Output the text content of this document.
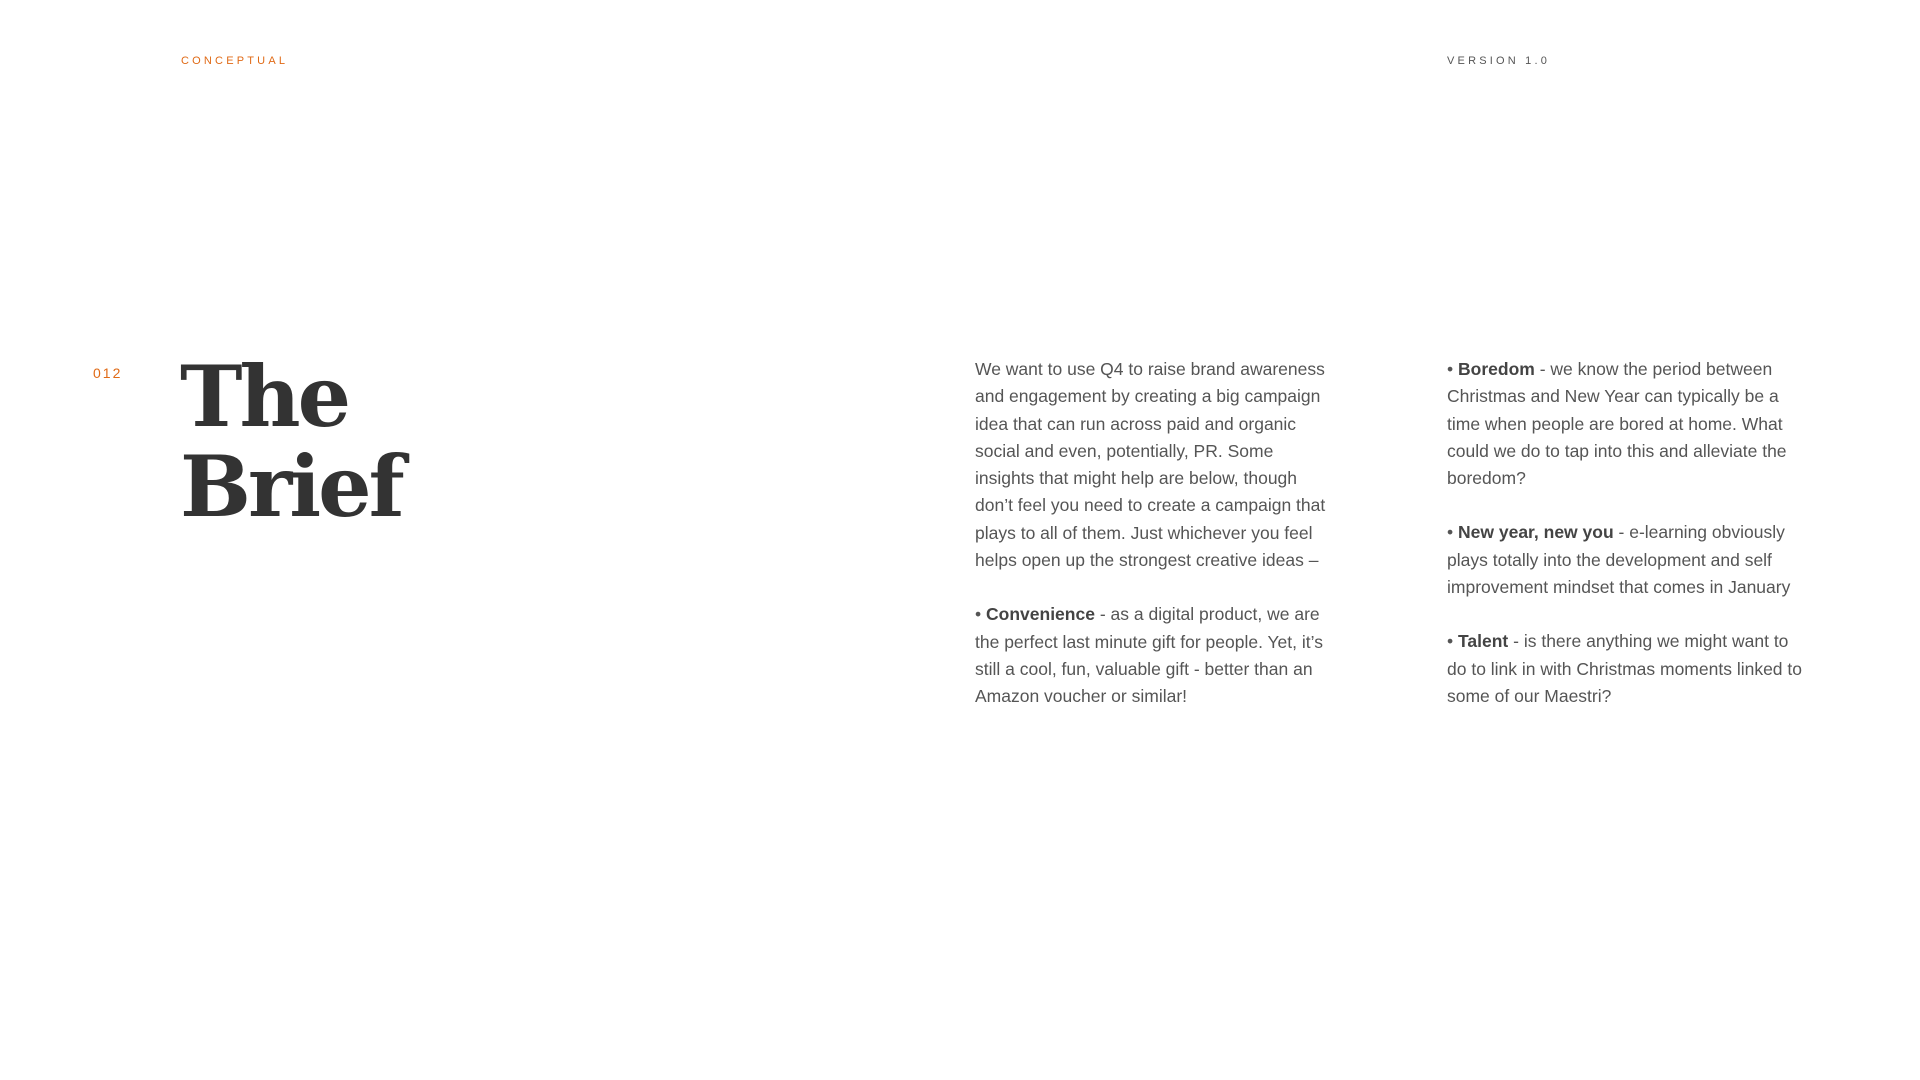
CONCEPTUAL	VERSION 1.0
012 The
Brief

We want to use Q4 to raise brand awareness and engagement by creating a big campaign idea that can run across paid and organic social and even, potentially, PR. Some insights that might help are below, though don’t feel you need to create a campaign that plays to all of them. Just whichever you feel helps open up the strongest creative ideas –

• Convenience - as a digital product, we are the perfect last minute gift for people. Yet, it’s still a cool, fun, valuable gift - better than an Amazon voucher or similar!

• Boredom - we know the period between Christmas and New Year can typically be a time when people are bored at home. What could we do to tap into this and alleviate the boredom?

• New year, new you - e-learning obviously plays totally into the development and self improvement mindset that comes in January

• Talent - is there anything we might want to do to link in with Christmas moments linked to some of our Maestri?
